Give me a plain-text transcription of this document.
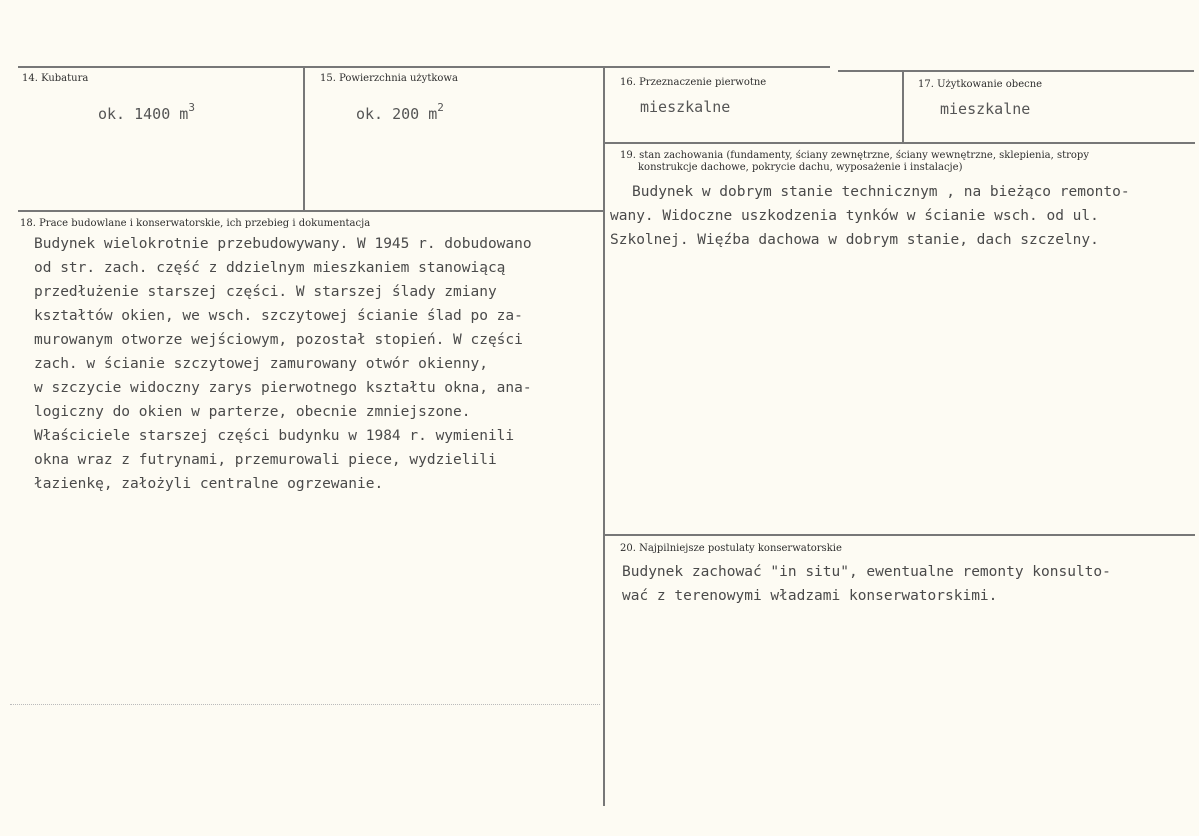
14. Kubatura
ok. 1400 $m^3$
15. Powierzchnia użytkowa
ok. 200 $m^2$
16. Przeznaczenie pierwotne
mieszkalne
17. Użytkowanie obecne
mieszkalne
19. stan zachowania (fundamenty, ściany zewnętrzne, ściany wewnętrzne, sklepienia, stropy
konstrukcje dachowe, pokrycie dachu, wyposażenie i instalacje)
Budynek w dobrym stanie technicznym , na bieżąco remonto-
wany. Widoczne uszkodzenia tynków w ścianie wsch. od ul.
Szkolnej. Więźba dachowa w dobrym stanie, dach szczelny.
18. Prace budowlane i konserwatorskie, ich przebieg i dokumentacja
Budynek wielokrotnie przebudowywany. W 1945 r. dobudowano
od str. zach. część z ddzielnym mieszkaniem stanowiącą
przedłużenie starszej części. W starszej ślady zmiany
kształtów okien, we wsch. szczytowej ścianie ślad po za-
murowanym otworze wejściowym, pozostał stopień. W części
zach. w ścianie szczytowej zamurowany otwór okienny,
w szczycie widoczny zarys pierwotnego kształtu okna, ana-
logiczny do okien w parterze, obecnie zmniejszone.
Właściciele starszej części budynku w 1984 r. wymienili
okna wraz z futrynami, przemurowali piece, wydzielili
łazienkę, założyli centralne ogrzewanie.
20. Najpilniejsze postulaty konserwatorskie
Budynek zachować "in situ", ewentualne remonty konsulto-
wać z terenowymi władzami konserwatorskimi.
